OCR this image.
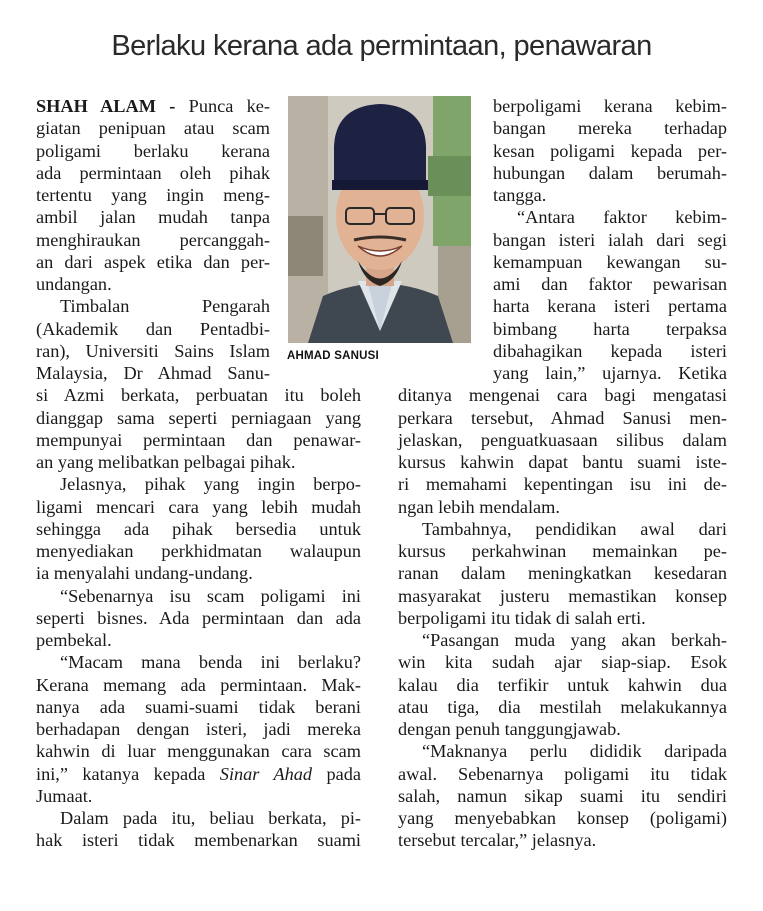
Berlaku kerana ada permintaan, penawaran
AHMAD SANUSI
SHAH ALAM - Punca ke-
giatan penipuan atau scam
poligami berlaku kerana
ada permintaan oleh pihak
tertentu yang ingin meng-
ambil jalan mudah tanpa
menghiraukan percanggah-
an dari aspek etika dan per-
undangan.
Timbalan Pengarah
(Akademik dan Pentadbi-
ran), Universiti Sains Islam
Malaysia, Dr Ahmad Sanu-
si Azmi berkata, perbuatan itu boleh
dianggap sama seperti perniagaan yang
mempunyai permintaan dan penawar-
an yang melibatkan pelbagai pihak.
Jelasnya, pihak yang ingin berpo-
ligami mencari cara yang lebih mudah
sehingga ada pihak bersedia untuk
menyediakan perkhidmatan walaupun
ia menyalahi undang-undang.
“Sebenarnya isu scam poligami ini
seperti bisnes. Ada permintaan dan ada
pembekal.
“Macam mana benda ini berlaku?
Kerana memang ada permintaan. Mak-
nanya ada suami-suami tidak berani
berhadapan dengan isteri, jadi mereka
kahwin di luar menggunakan cara scam
ini,” katanya kepada Sinar Ahad pada
Jumaat.
Dalam pada itu, beliau berkata, pi-
hak isteri tidak membenarkan suami
berpoligami kerana kebim-
bangan mereka terhadap
kesan poligami kepada per-
hubungan dalam berumah-
tangga.
“Antara faktor kebim-
bangan isteri ialah dari segi
kemampuan kewangan su-
ami dan faktor pewarisan
harta kerana isteri pertama
bimbang harta terpaksa
dibahagikan kepada isteri
yang lain,” ujarnya. Ketika
ditanya mengenai cara bagi mengatasi
perkara tersebut, Ahmad Sanusi men-
jelaskan, penguatkuasaan silibus dalam
kursus kahwin dapat bantu suami iste-
ri memahami kepentingan isu ini de-
ngan lebih mendalam.
Tambahnya, pendidikan awal dari
kursus perkahwinan memainkan pe-
ranan dalam meningkatkan kesedaran
masyarakat justeru memastikan konsep
berpoligami itu tidak di salah erti.
“Pasangan muda yang akan berkah-
win kita sudah ajar siap-siap. Esok
kalau dia terfikir untuk kahwin dua
atau tiga, dia mestilah melakukannya
dengan penuh tanggungjawab.
“Maknanya perlu dididik daripada
awal. Sebenarnya poligami itu tidak
salah, namun sikap suami itu sendiri
yang menyebabkan konsep (poligami)
tersebut tercalar,” jelasnya.
